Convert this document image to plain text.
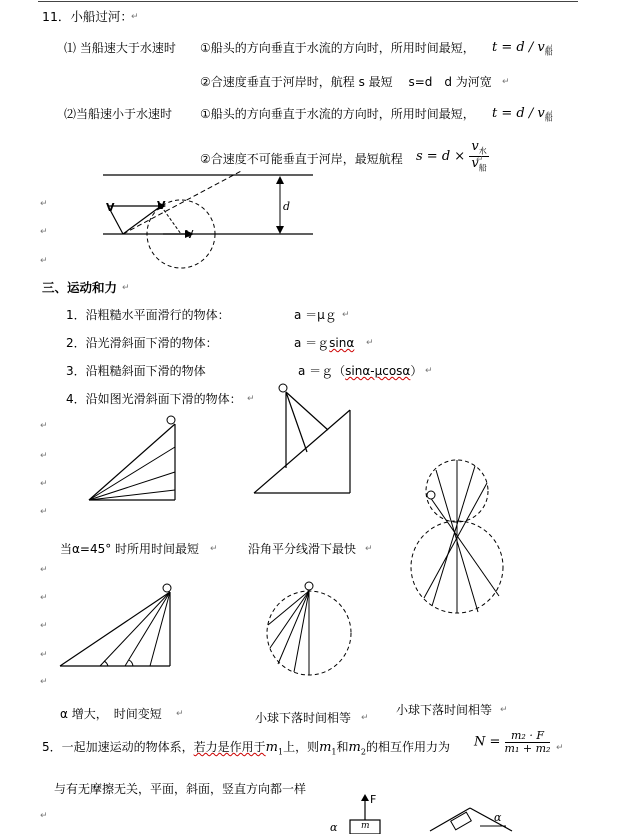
11．小船过河：
↵
⑴ 当船速大于水速时 ①船头的方向垂直于水流的方向时，所用时间最短， $t = d / v_船$
↵
②合速度垂直于河岸时，航程 s 最短　 s=d　d 为河宽
↵
⑵当船速小于水速时 ①船头的方向垂直于水流的方向时，所用时间最短， $t = d / v_船$
↵
②合速度不可能垂直于河岸，最短航程 $s = d \times \frac{v_水}{v_船}$
↵
V	V
V
d
↵
↵
↵
三、运动和力
↵
1．沿粗糙水平面滑行的物体：	a ＝μｇ
↵
2．沿光滑斜面下滑的物体：	a ＝ｇsinα
↵
3．沿粗糙斜面下滑的物体	a ＝ｇ（sinα-μcosα）
↵
4．沿如图光滑斜面下滑的物体：
↵
↵
↵
↵
↵
当α=45° 时所用时间最短 ↵	沿角平分线滑下最快
↵
↵
↵
↵
↵
↵
小球下落时间相等
↵
α 增大，　时间变短 ↵	小球下落时间相等
↵
5．一起加速运动的物体系，若力是作用于$m_1$上，则$m_1$和$m_2$的相互作用力为 $N = \frac{\text{m₂ · F}}{\text{m₁ + m₂}}$
↵
与有无摩擦无关，平面，斜面，竖直方向都一样
↵
F
α	m
α
